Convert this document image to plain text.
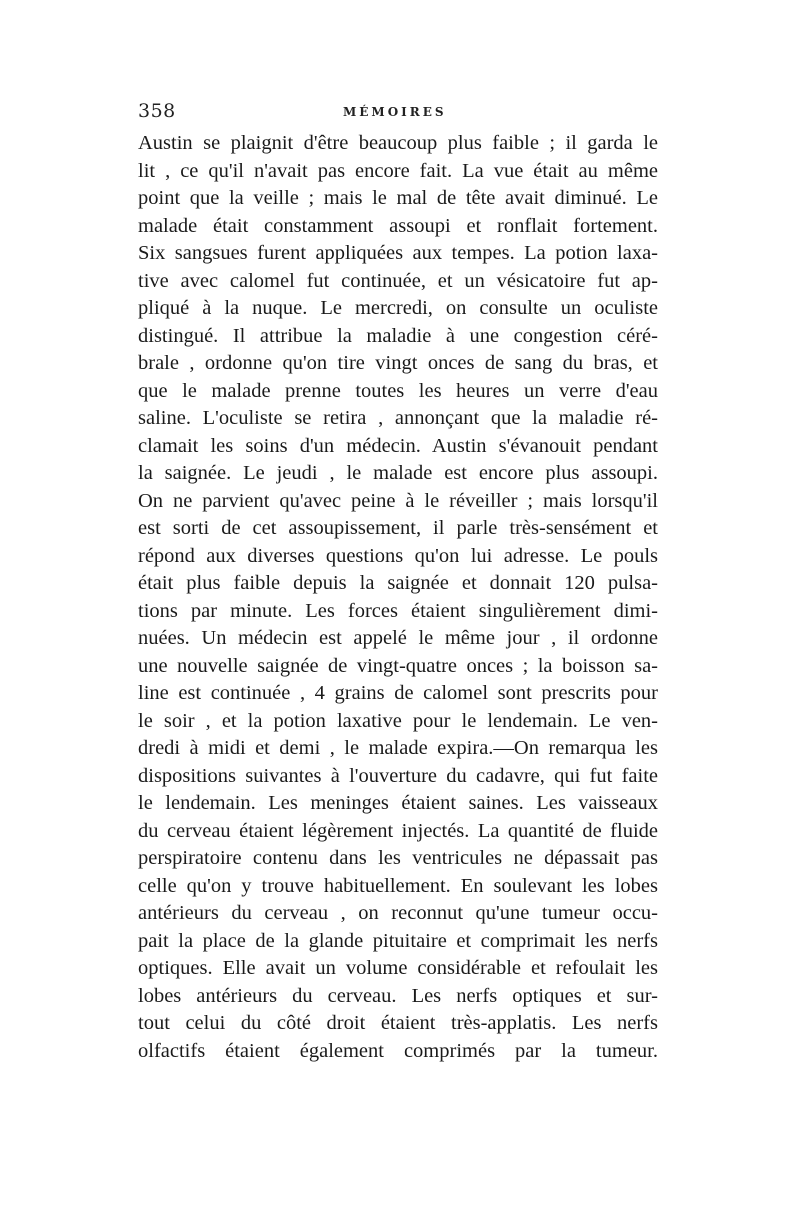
358	MÉMOIRES
Austin se plaignit d'être beaucoup plus faible ; il garda le
lit , ce qu'il n'avait pas encore fait. La vue était au même
point que la veille ; mais le mal de tête avait diminué. Le
malade était constamment assoupi et ronflait fortement.
Six sangsues furent appliquées aux tempes. La potion laxa-
tive avec calomel fut continuée, et un vésicatoire fut ap-
pliqué à la nuque. Le mercredi, on consulte un oculiste
distingué. Il attribue la maladie à une congestion céré-
brale , ordonne qu'on tire vingt onces de sang du bras, et
que le malade prenne toutes les heures un verre d'eau
saline. L'oculiste se retira , annonçant que la maladie ré-
clamait les soins d'un médecin. Austin s'évanouit pendant
la saignée. Le jeudi , le malade est encore plus assoupi.
On ne parvient qu'avec peine à le réveiller ; mais lorsqu'il
est sorti de cet assoupissement, il parle très-sensément et
répond aux diverses questions qu'on lui adresse. Le pouls
était plus faible depuis la saignée et donnait 120 pulsa-
tions par minute. Les forces étaient singulièrement dimi-
nuées. Un médecin est appelé le même jour , il ordonne
une nouvelle saignée de vingt-quatre onces ; la boisson sa-
line est continuée , 4 grains de calomel sont prescrits pour
le soir , et la potion laxative pour le lendemain. Le ven-
dredi à midi et demi , le malade expira.—On remarqua les
dispositions suivantes à l'ouverture du cadavre, qui fut faite
le lendemain. Les meninges étaient saines. Les vaisseaux
du cerveau étaient légèrement injectés. La quantité de fluide
perspiratoire contenu dans les ventricules ne dépassait pas
celle qu'on y trouve habituellement. En soulevant les lobes
antérieurs du cerveau , on reconnut qu'une tumeur occu-
pait la place de la glande pituitaire et comprimait les nerfs
optiques. Elle avait un volume considérable et refoulait les
lobes antérieurs du cerveau. Les nerfs optiques et sur-
tout celui du côté droit étaient très-applatis. Les nerfs
olfactifs étaient également comprimés par la tumeur.
